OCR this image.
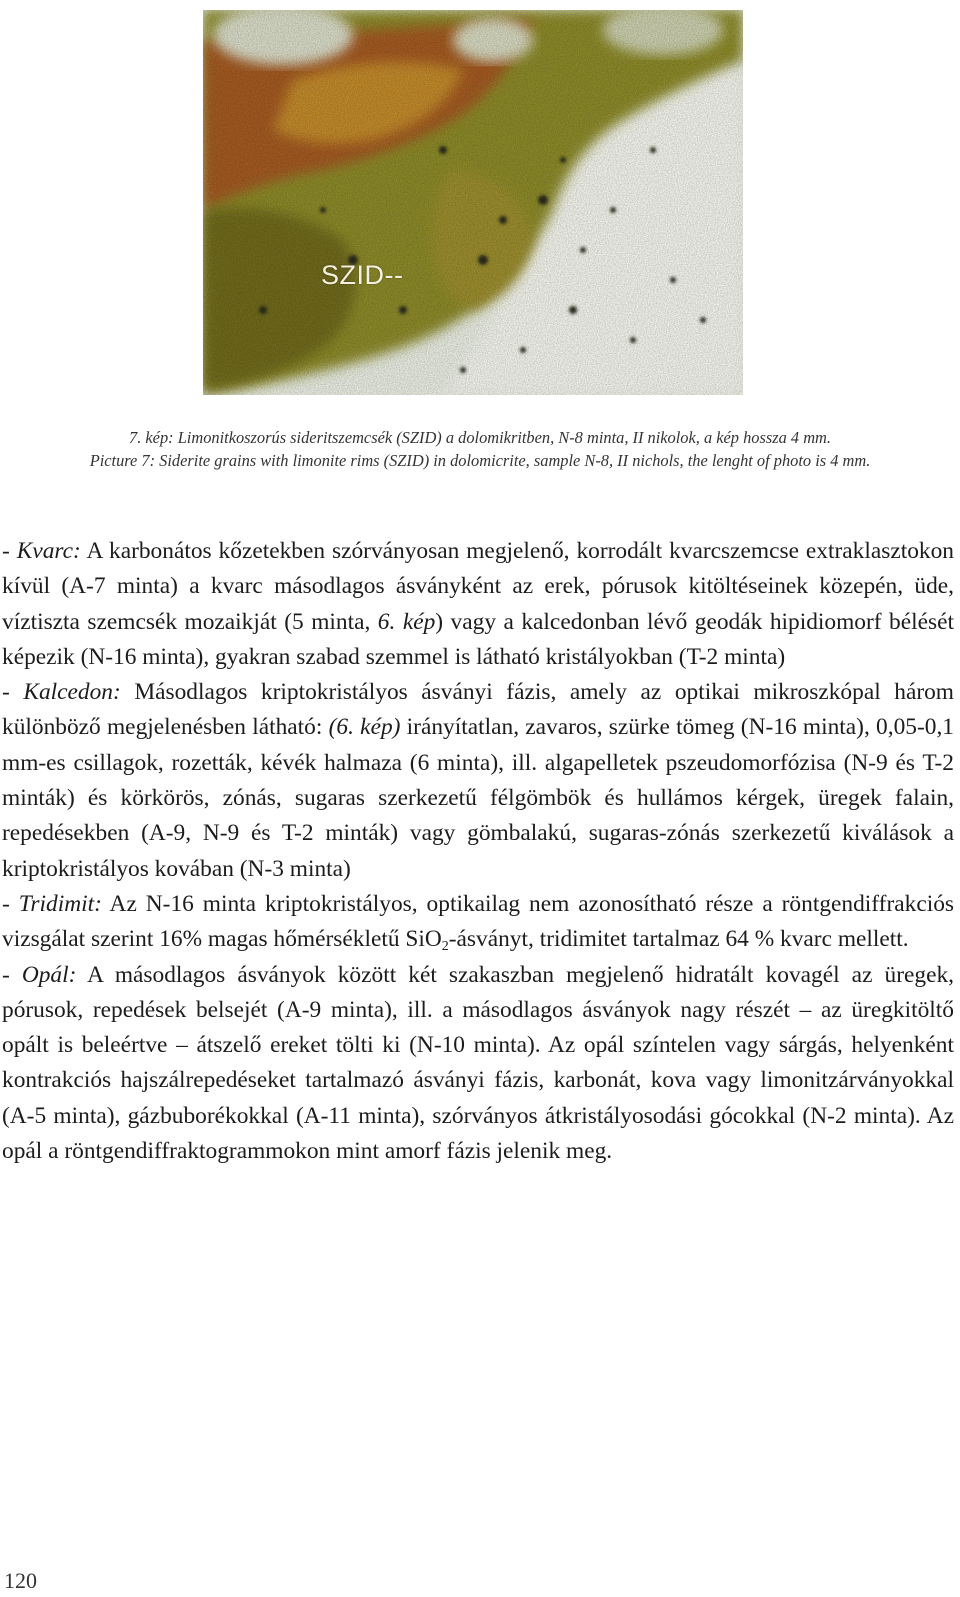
SZID--

7. kép: Limonitkoszorús sideritszemcsék (SZID) a dolomikritben, N-8 minta, II nikolok, a kép hossza 4 mm.

Picture 7: Siderite grains with limonite rims (SZID) in dolomicrite, sample N-8, II nichols, the lenght of photo is 4 mm.

- Kvarc: A karbonátos kőzetekben szórványosan megjelenő, korrodált kvarcszemcse extraklasztokon kívül (A-7 minta) a kvarc másodlagos ásványként az erek, pórusok kitöltéseinek közepén, üde, víztiszta szemcsék mozaikját (5 minta, 6. kép) vagy a kalcedonban lévő geodák hipidiomorf bélését képezik (N-16 minta), gyakran szabad szemmel is látható kristályokban (T-2 minta)

- Kalcedon: Másodlagos kriptokristályos ásványi fázis, amely az optikai mikroszkópal három különböző megjelenésben látható: (6. kép) irányítatlan, zavaros, szürke tömeg (N-16 minta), 0,05-0,1 mm-es csillagok, rozetták, kévék halmaza (6 minta), ill. algapelletek pszeudomorfózisa (N-9 és T-2 minták) és körkörös, zónás, sugaras szerkezetű félgömbök és hullámos kérgek, üregek falain, repedésekben (A-9, N-9 és T-2 minták) vagy gömbalakú, sugaras-zónás szerkezetű kiválások a kriptokristályos kovában (N-3 minta)

- Tridimit: Az N-16 minta kriptokristályos, optikailag nem azonosítható része a röntgendiffrakciós vizsgálat szerint 16% magas hőmérsékletű SiO$_2$-ásványt, tridimitet tartalmaz 64 % kvarc mellett.

- Opál: A másodlagos ásványok között két szakaszban megjelenő hidratált kovagél az üregek, pórusok, repedések belsejét (A-9 minta), ill. a másodlagos ásványok nagy részét – az üregkitöltő opált is beleértve – átszelő ereket tölti ki (N-10 minta). Az opál színtelen vagy sárgás, helyenként kontrakciós hajszálrepedéseket tartalmazó ásványi fázis, karbonát, kova vagy limonitzárványokkal (A-5 minta), gázbuborékokkal (A-11 minta), szórványos átkristályosodási gócokkal (N-2 minta). Az opál a röntgendiffraktogrammokon mint amorf fázis jelenik meg.

120
